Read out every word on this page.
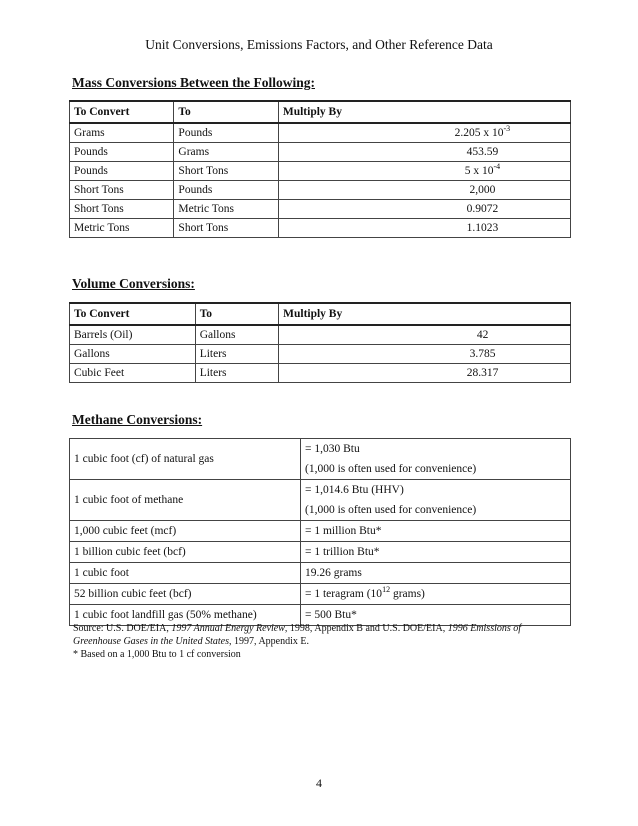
Unit Conversions, Emissions Factors, and Other Reference Data
Mass Conversions Between the Following:
To Convert	To	Multiply By
Grams	Pounds	2.205 x $10^{-3}$
Pounds	Grams	453.59
Pounds	Short Tons	5 x $10^{-4}$
Short Tons	Pounds	2,000
Short Tons	Metric Tons	0.9072
Metric Tons	Short Tons	1.1023
Volume Conversions:
To Convert	To	Multiply By
Barrels (Oil)	Gallons	42
Gallons	Liters	3.785
Cubic Feet	Liters	28.317
Methane Conversions:
1 cubic foot (cf) of natural gas	= 1,030 Btu
(1,000 is often used for convenience)

1 cubic foot of methane	= 1,014.6 Btu (HHV)
(1,000 is often used for convenience)

1,000 cubic feet (mcf)	= 1 million Btu*
1 billion cubic feet (bcf)	= 1 trillion Btu*
1 cubic foot	19.26 grams
52 billion cubic feet (bcf)	= 1 teragram ($10^{12}$ grams)
1 cubic foot landfill gas (50% methane)	= 500 Btu*
Source: U.S. DOE/EIA, 1997 Annual Energy Review, 1998, Appendix B and U.S. DOE/EIA, 1996 Emissions of Greenhouse Gases in the United States, 1997, Appendix E.
* Based on a 1,000 Btu to 1 cf conversion
4
